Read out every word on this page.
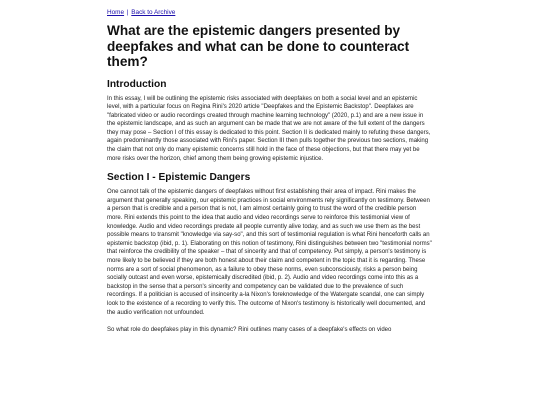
Home | Back to Archive
What are the epistemic dangers presented by deepfakes and what can be done to counteract them?
Introduction

In this essay, I will be outlining the epistemic risks associated with deepfakes on both a social level and an epistemic level, with a particular focus on Regina Rini's 2020 article "Deepfakes and the Epistemic Backstop". Deepfakes are "fabricated video or audio recordings created through machine learning technology" (2020, p.1) and are a new issue in the epistemic landscape, and as such an argument can be made that we are not aware of the full extent of the dangers they may pose – Section I of this essay is dedicated to this point. Section II is dedicated mainly to refuting these dangers, again predominantly those associated with Rini's paper. Section III then pulls together the previous two sections, making the claim that not only do many epistemic concerns still hold in the face of these objections, but that there may yet be more risks over the horizon, chief among them being growing epistemic injustice.

Section I - Epistemic Dangers

One cannot talk of the epistemic dangers of deepfakes without first establishing their area of impact. Rini makes the argument that generally speaking, our epistemic practices in social environments rely significantly on testimony. Between a person that is credible and a person that is not, I am almost certainly going to trust the word of the credible person more. Rini extends this point to the idea that audio and video recordings serve to reinforce this testimonial view of knowledge. Audio and video recordings predate all people currently alive today, and as such we use them as the best possible means to transmit "knowledge via say-so", and this sort of testimonial regulation is what Rini henceforth calls an epistemic backstop (ibid, p. 1). Elaborating on this notion of testimony, Rini distinguishes between two "testimonial norms" that reinforce the credibility of the speaker – that of sincerity and that of competency. Put simply, a person's testimony is more likely to be believed if they are both honest about their claim and competent in the topic that it is regarding. These norms are a sort of social phenomenon, as a failure to obey these norms, even subconsciously, risks a person being socially outcast and even worse, epistemically discredited (ibid, p. 2). Audio and video recordings come into this as a backstop in the sense that a person's sincerity and competency can be validated due to the prevalence of such recordings. If a politician is accused of insincerity a-la Nixon's foreknowledge of the Watergate scandal, one can simply look to the existence of a recording to verify this. The outcome of Nixon's testimony is historically well documented, and the audio verification not unfounded.

So what role do deepfakes play in this dynamic? Rini outlines many cases of a deepfake's effects on video
